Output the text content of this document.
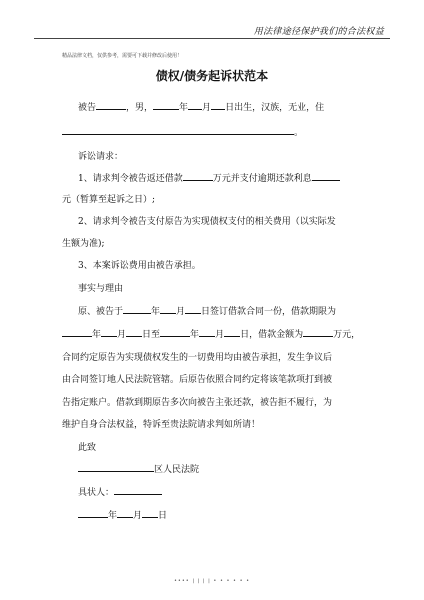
用法律途径保护我们的合法权益
精品法律文档，仅供参考，需要可下载并修改后使用！
债权/债务起诉状范本
被告	，男，	年 月 日出生，汉族，无业，住
。
诉讼请求：
1、请求判令被告返还借款	万元并支付逾期还款利息
元（暂算至起诉之日）;
2、请求判令被告支付原告为实现债权支付的相关费用（以实际发
生额为准);
3、本案诉讼费用由被告承担。
事实与理由
原、被告于	年 月 日签订借款合同一份，借款期限为
年 月 日至	年 月 日，借款金额为	万元，
合同约定原告为实现债权发生的一切费用均由被告承担，发生争议后
由合同签订地人民法院管辖。后原告依照合同约定将该笔款项打到被
告指定账户。借款到期原告多次向被告主张还款，被告拒不履行，为
维护自身合法权益，特诉至贵法院请求判如所请！
此致
区人民法院
具状人：
年 月 日
•••• | | | | • • • • • •
